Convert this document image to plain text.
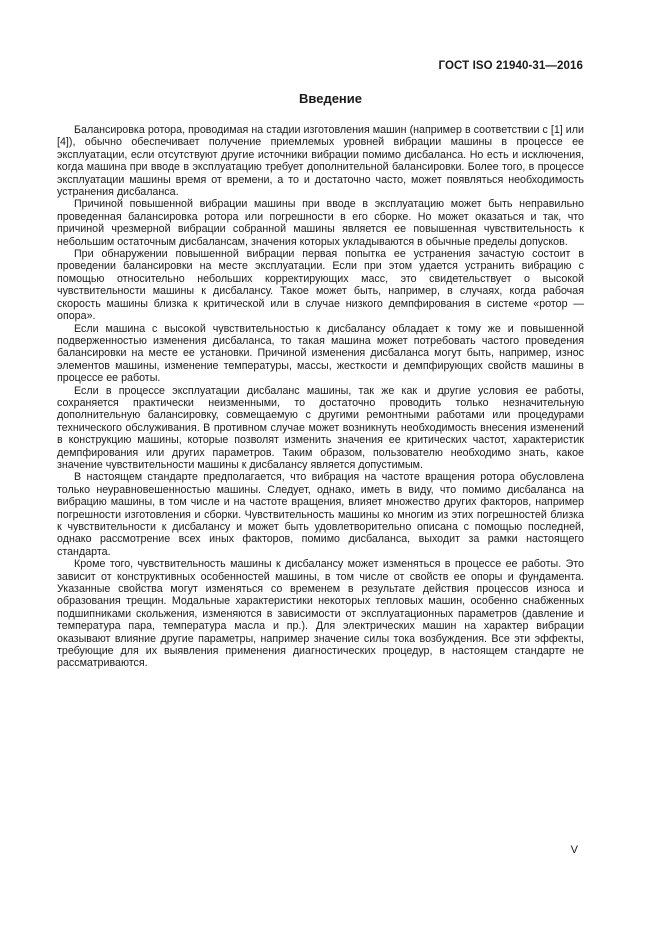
ГОСТ ISO 21940-31—2016
Введение

Балансировка ротора, проводимая на стадии изготовления машин (например в соответствии с [1] или [4]), обычно обеспечивает получение приемлемых уровней вибрации машины в процессе ее эксплуатации, если отсутствуют другие источники вибрации помимо дисбаланса. Но есть и исключения, когда машина при вводе в эксплуатацию требует дополнительной балансировки. Более того, в процессе эксплуатации машины время от времени, а то и достаточно часто, может появляться необходимость устранения дисбаланса.

Причиной повышенной вибрации машины при вводе в эксплуатацию может быть неправильно проведенная балансировка ротора или погрешности в его сборке. Но может оказаться и так, что причиной чрезмерной вибрации собранной машины является ее повышенная чувствительность к небольшим остаточным дисбалансам, значения которых укладываются в обычные пределы допусков.

При обнаружении повышенной вибрации первая попытка ее устранения зачастую состоит в проведении балансировки на месте эксплуатации. Если при этом удается устранить вибрацию с помощью относительно небольших корректирующих масс, это свидетельствует о высокой чувствительности машины к дисбалансу. Такое может быть, например, в случаях, когда рабочая скорость машины близка к критической или в случае низкого демпфирования в системе «ротор — опора».

Если машина с высокой чувствительностью к дисбалансу обладает к тому же и повышенной подверженностью изменения дисбаланса, то такая машина может потребовать частого проведения балансировки на месте ее установки. Причиной изменения дисбаланса могут быть, например, износ элементов машины, изменение температуры, массы, жесткости и демпфирующих свойств машины в процессе ее работы.

Если в процессе эксплуатации дисбаланс машины, так же как и другие условия ее работы, сохраняется практически неизменными, то достаточно проводить только незначительную дополнительную балансировку, совмещаемую с другими ремонтными работами или процедурами технического обслуживания. В противном случае может возникнуть необходимость внесения изменений в конструкцию машины, которые позволят изменить значения ее критических частот, характеристик демпфирования или других параметров. Таким образом, пользователю необходимо знать, какое значение чувствительности машины к дисбалансу является допустимым.

В настоящем стандарте предполагается, что вибрация на частоте вращения ротора обусловлена только неуравновешенностью машины. Следует, однако, иметь в виду, что помимо дисбаланса на вибрацию машины, в том числе и на частоте вращения, влияет множество других факторов, например погрешности изготовления и сборки. Чувствительность машины ко многим из этих погрешностей близка к чувствительности к дисбалансу и может быть удовлетворительно описана с помощью последней, однако рассмотрение всех иных факторов, помимо дисбаланса, выходит за рамки настоящего стандарта.

Кроме того, чувствительность машины к дисбалансу может изменяться в процессе ее работы. Это зависит от конструктивных особенностей машины, в том числе от свойств ее опоры и фундамента. Указанные свойства могут изменяться со временем в результате действия процессов износа и образования трещин. Модальные характеристики некоторых тепловых машин, особенно снабженных подшипниками скольжения, изменяются в зависимости от эксплуатационных параметров (давление и температура пара, температура масла и пр.). Для электрических машин на характер вибрации оказывают влияние другие параметры, например значение силы тока возбуждения. Все эти эффекты, требующие для их выявления применения диагностических процедур, в настоящем стандарте не рассматриваются.

V
